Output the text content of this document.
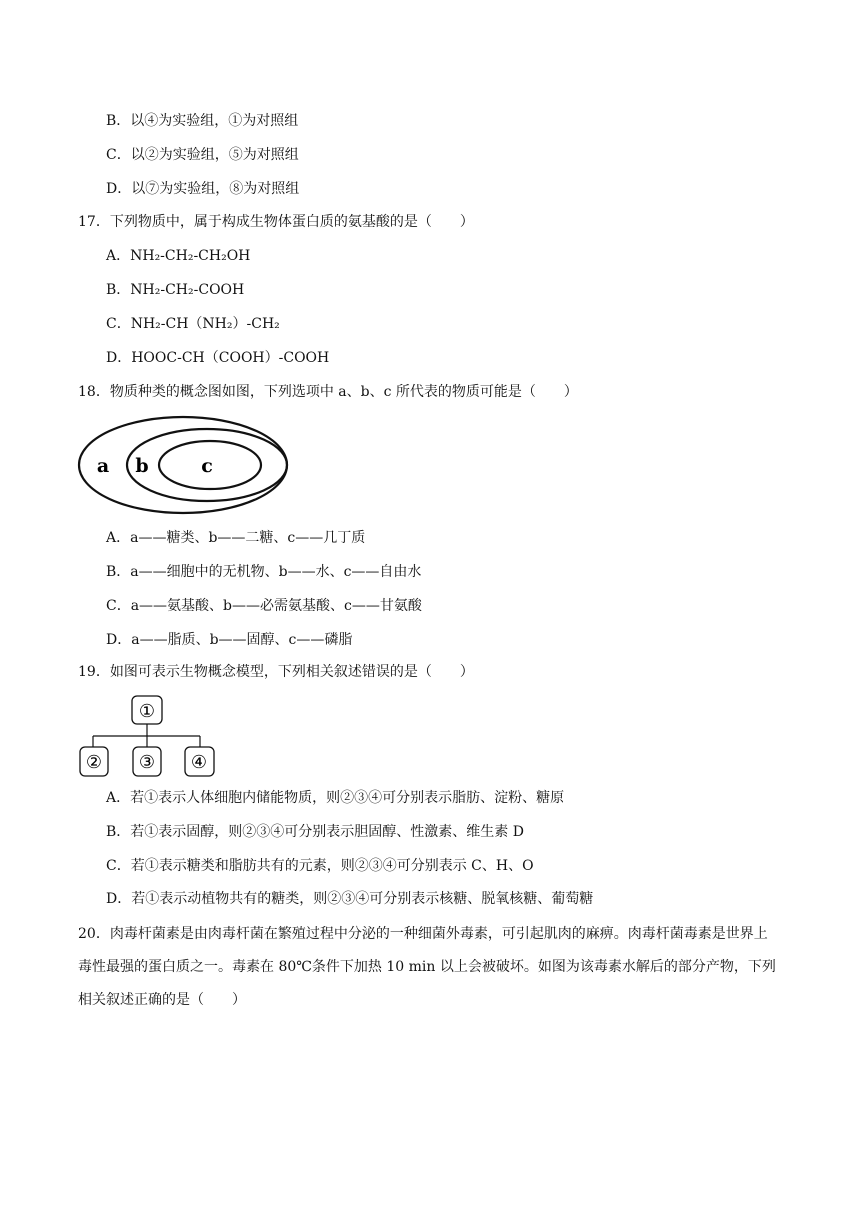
B．以④为实验组，①为对照组
C．以②为实验组，⑤为对照组
D．以⑦为实验组，⑧为对照组
17．下列物质中，属于构成生物体蛋白质的氨基酸的是（　　）
A．NH₂-CH₂-CH₂OH
B．NH₂-CH₂-COOH
C．NH₂-CH（NH₂）-CH₂
D．HOOC-CH（COOH）-COOH
18．物质种类的概念图如图，下列选项中 a、b、c 所代表的物质可能是（　　）
a b	c
A．a——糖类、b——二糖、c——几丁质
B．a——细胞中的无机物、b——水、c——自由水
C．a——氨基酸、b——必需氨基酸、c——甘氨酸
D．a——脂质、b——固醇、c——磷脂
19．如图可表示生物概念模型，下列相关叙述错误的是（　　）
①
② ③ ④
A．若①表示人体细胞内储能物质，则②③④可分别表示脂肪、淀粉、糖原
B．若①表示固醇，则②③④可分别表示胆固醇、性激素、维生素 D
C．若①表示糖类和脂肪共有的元素，则②③④可分别表示 C、H、O
D．若①表示动植物共有的糖类，则②③④可分别表示核糖、脱氧核糖、葡萄糖
20．肉毒杆菌素是由肉毒杆菌在繁殖过程中分泌的一种细菌外毒素，可引起肌肉的麻痹。肉毒杆菌毒素是世界上毒性最强的蛋白质之一。毒素在 80℃条件下加热 10 min 以上会被破坏。如图为该毒素水解后的部分产物，下列相关叙述正确的是（　　）
